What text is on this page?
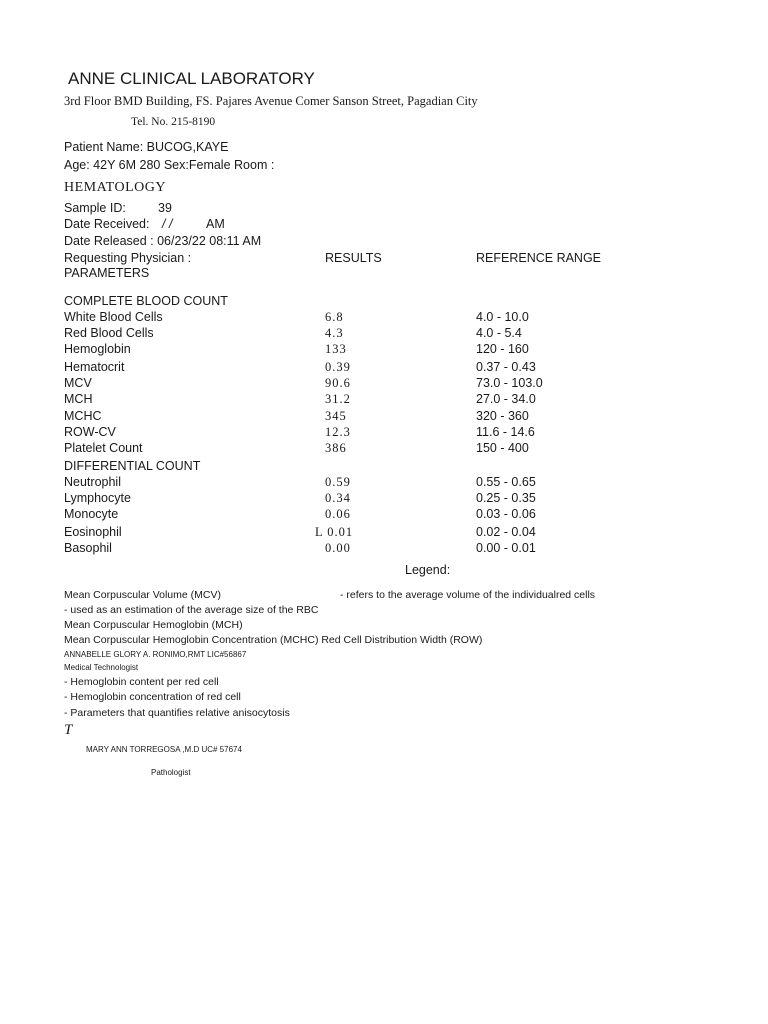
ANNE CLINICAL LABORATORY
3rd Floor BMD Building, FS. Pajares Avenue Comer Sanson Street, Pagadian City
Tel. No. 215-8190
Patient Name: BUCOG,KAYE
Age: 42Y 6M 280 Sex:Female Room :
HEMATOLOGY
Sample ID:	39
Date Received: / /	AM
Date Released : 06/23/22 08:11 AM
Requesting Physician :
PARAMETERS
RESULTS	REFERENCE RANGE
COMPLETE BLOOD COUNT
DIFFERENTIAL COUNT
Legend:
Mean Corpuscular Volume (MCV)	- refers to the average volume of the individualred cells
- used as an estimation of the average size of the RBC
Mean Corpuscular Hemoglobin (MCH)
Mean Corpuscular Hemoglobin Concentration (MCHC) Red Cell Distribution Width (ROW)
ANNABELLE GLORY A. RONIMO,RMT LIC#56867
Medical Technologist
- Hemoglobin content per red cell
- Hemoglobin concentration of red cell
- Parameters that quantifies relative anisocytosis
T
MARY ANN TORREGOSA ,M.D UC# 57674
Pathologist
White Blood Cells	6.8	4.0 - 10.0
Red Blood Cells	4.3	4.0 - 5.4
Hemoglobin	133	120 - 160
Hematocrit	0.39	0.37 - 0.43
MCV	90.6	73.0 - 103.0
MCH	31.2	27.0 - 34.0
MCHC	345	320 - 360
ROW-CV	12.3	11.6 - 14.6
Platelet Count	386	150 - 400
Neutrophil	0.59	0.55 - 0.65
Lymphocyte	0.34	0.25 - 0.35
Monocyte	0.06	0.03 - 0.06
Eosinophil	L 0.01	0.02 - 0.04
Basophil	0.00	0.00 - 0.01
